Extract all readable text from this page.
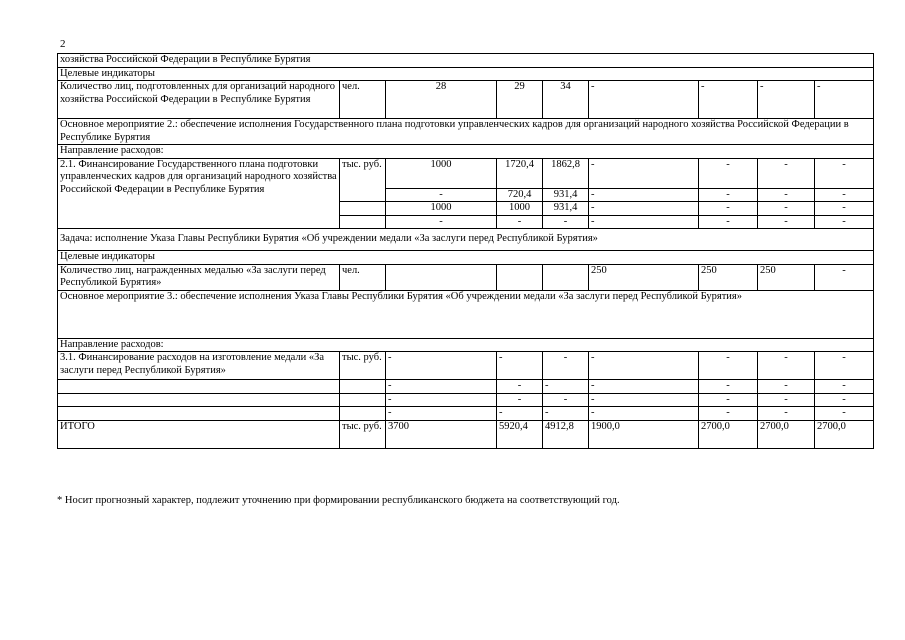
2
хозяйства Российской Федерации в Республике Бурятия								
Целевые индикаторы								
Количество лиц, подготовленных для организаций народного хозяйства Российской Федерации в Республике Бурятия	чел.	28	29	34	-	-	-	-
Основное мероприятие 2.: обеспечение исполнения Государственного плана подготовки управленческих кадров для организаций народного хозяйства Российской Федерации в Республике Бурятия								
Направление расходов:								
2.1. Финансирование Государственного плана подготовки управленческих кадров для организаций народного хозяйства Российской Федерации в Республике Бурятия	тыс. руб.	1000	1720,4	1862,8	-	-	-	-
		-	720,4	931,4	-	-	-	-
		1000	1000	931,4	-	-	-	-
		-	-	-	-	-	-	-
Задача: исполнение Указа Главы Республики Бурятия «Об учреждении медали «За заслуги перед Республикой Бурятия»								
Целевые индикаторы								
Количество лиц, награжденных медалью «За заслуги перед Республикой Бурятия»	чел.				250	250	250	-
Основное мероприятие 3.: обеспечение исполнения Указа Главы Республики Бурятия «Об учреждении медали «За заслуги перед Республикой Бурятия»								
Направление расходов:								
3.1. Финансирование расходов на изготовление медали «За заслуги перед Республикой Бурятия»	тыс. руб.	-	-	-	-	-	-	-
		-	-	-	-	-	-	-
		-	-	-	-	-	-	-
		-	-	-	-	-	-	-
ИТОГО	тыс. руб.	3700	5920,4	4912,8	1900,0	2700,0	2700,0	2700,0
* Носит прогнозный характер, подлежит уточнению при формировании республиканского бюджета на соответствующий год.
